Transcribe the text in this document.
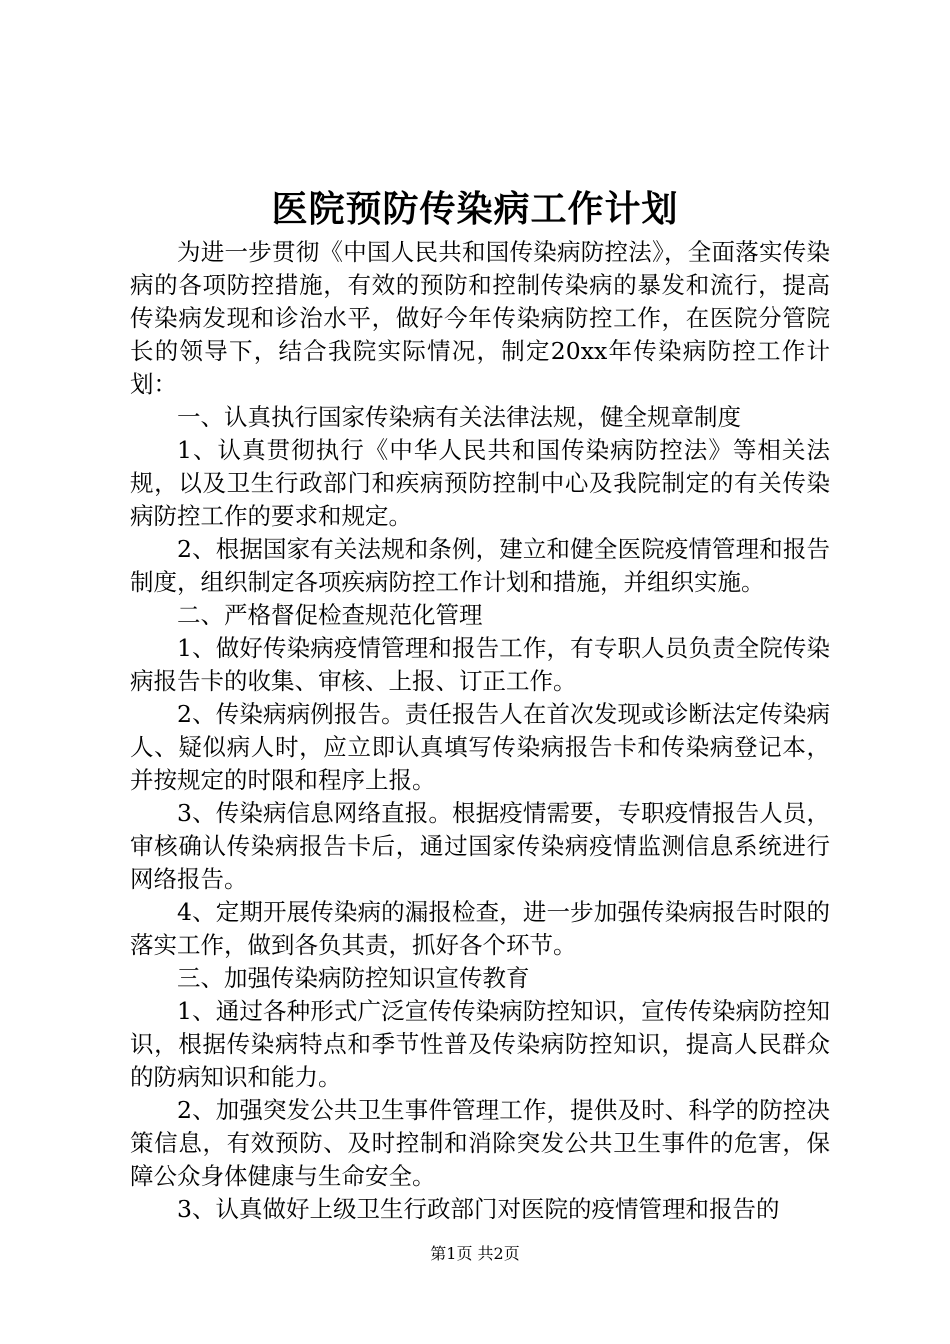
医院预防传染病工作计划

为进一步贯彻《中国人民共和国传染病防控法》，全面落实传染病的各项防控措施，有效的预防和控制传染病的暴发和流行，提高传染病发现和诊治水平，做好今年传染病防控工作，在医院分管院长的领导下，结合我院实际情况，制定20xx年传染病防控工作计划：

一、认真执行国家传染病有关法律法规，健全规章制度

1、认真贯彻执行《中华人民共和国传染病防控法》等相关法规，以及卫生行政部门和疾病预防控制中心及我院制定的有关传染病防控工作的要求和规定。

2、根据国家有关法规和条例，建立和健全医院疫情管理和报告制度，组织制定各项疾病防控工作计划和措施，并组织实施。

二、严格督促检查规范化管理

1、做好传染病疫情管理和报告工作，有专职人员负责全院传染病报告卡的收集、审核、上报、订正工作。

2、传染病病例报告。责任报告人在首次发现或诊断法定传染病人、疑似病人时，应立即认真填写传染病报告卡和传染病登记本，并按规定的时限和程序上报。

3、传染病信息网络直报。根据疫情需要，专职疫情报告人员，审核确认传染病报告卡后，通过国家传染病疫情监测信息系统进行网络报告。

4、定期开展传染病的漏报检查，进一步加强传染病报告时限的落实工作，做到各负其责，抓好各个环节。

三、加强传染病防控知识宣传教育

1、通过各种形式广泛宣传传染病防控知识，宣传传染病防控知识，根据传染病特点和季节性普及传染病防控知识，提高人民群众的防病知识和能力。

2、加强突发公共卫生事件管理工作，提供及时、科学的防控决策信息，有效预防、及时控制和消除突发公共卫生事件的危害，保障公众身体健康与生命安全。

3、认真做好上级卫生行政部门对医院的疫情管理和报告的

第1页 共2页
